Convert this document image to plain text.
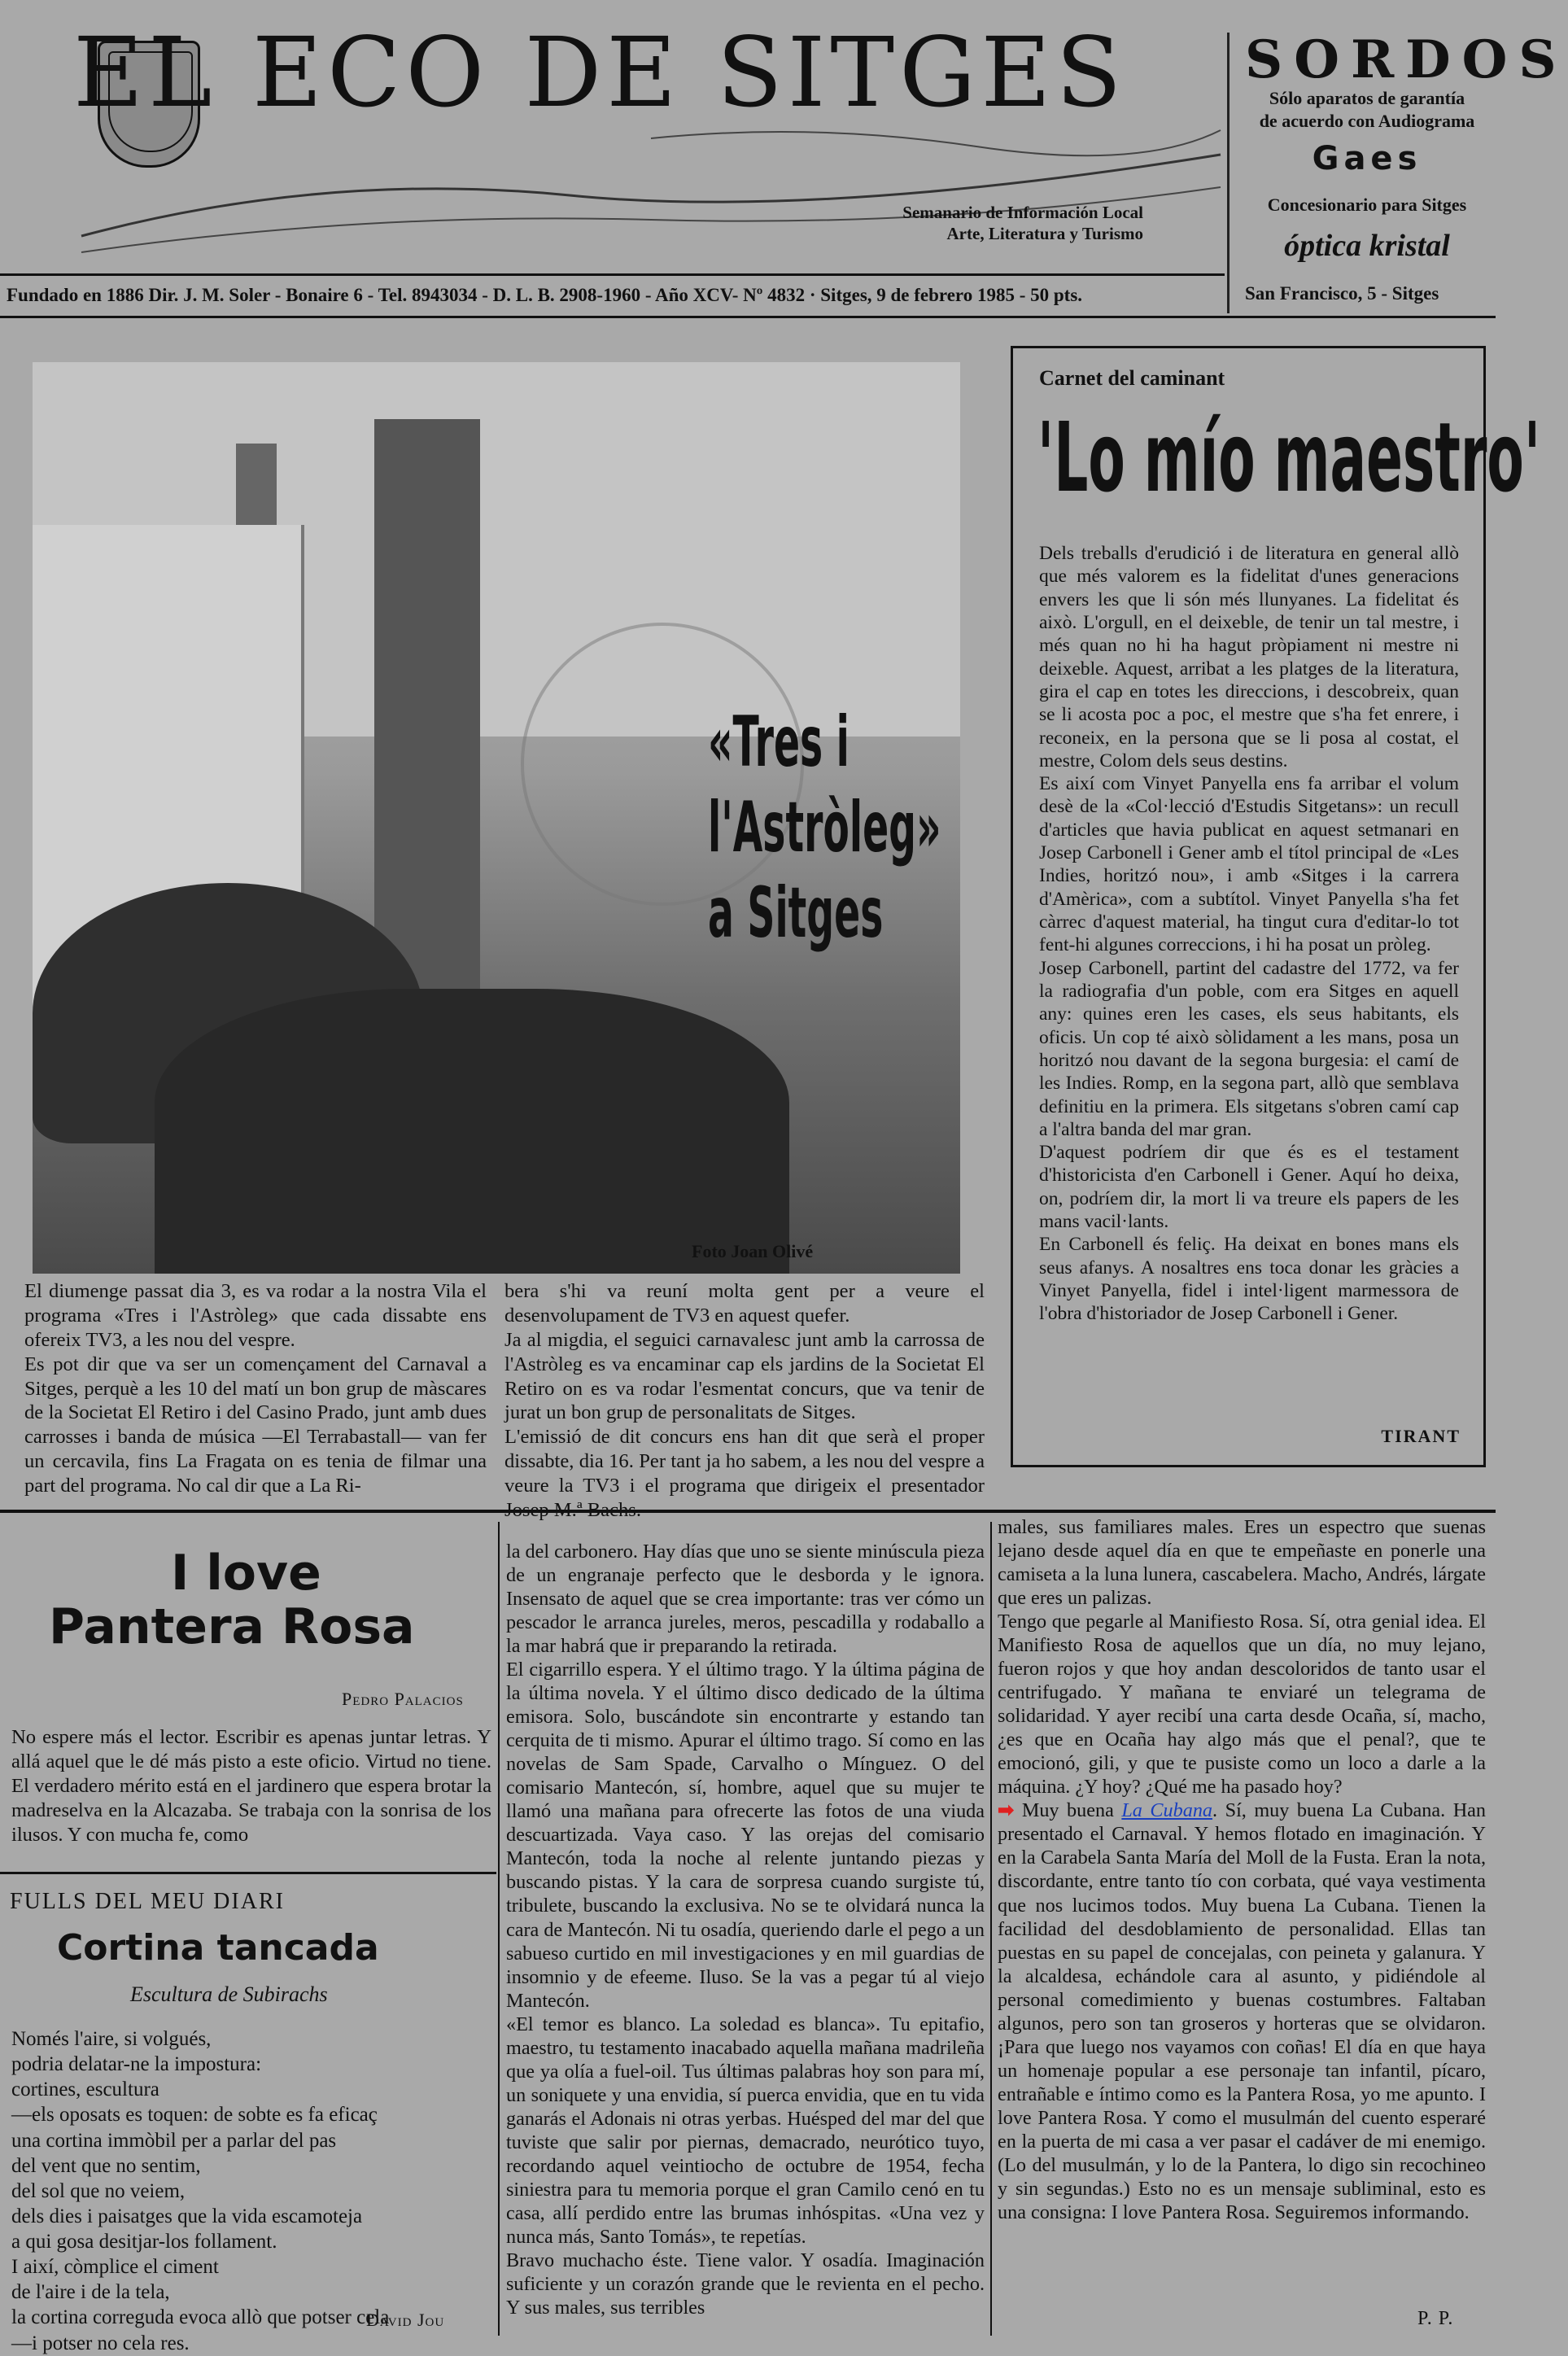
EL ECO DE SITGES
Semanario de Información Local
Arte, Literatura y Turismo
SORDOS
Sólo aparatos de garantía
de acuerdo con Audiograma
Gaes
Concesionario para Sitges
óptica kristal
Fundado en 1886 Dir. J. M. Soler - Bonaire 6 - Tel. 8943034 - D. L. B. 2908-1960 - Año XCV- Nº 4832 · Sitges, 9 de febrero 1985 - 50 pts.	San Francisco, 5 - Sitges
Foto Joan Olivé
«Tres i
l'Astròleg»
a Sitges
El diumenge passat dia 3, es va rodar a la nostra Vila el programa «Tres i l'Astròleg» que cada dissabte ens ofereix TV3, a les nou del vespre.
Es pot dir que va ser un començament del Carnaval a Sitges, perquè a les 10 del matí un bon grup de màscares de la Societat El Retiro i del Casino Prado, junt amb dues carrosses i banda de música —El Terrabastall— van fer un cercavila, fins La Fragata on es tenia de filmar una part del programa. No cal dir que a La Ri-
bera s'hi va reuní molta gent per a veure el desenvolupament de TV3 en aquest quefer.
Ja al migdia, el seguici carnavalesc junt amb la carrossa de l'Astròleg es va encaminar cap els jardins de la Societat El Retiro on es va rodar l'esmentat concurs, que va tenir de jurat un bon grup de personalitats de Sitges.
L'emissió de dit concurs ens han dit que serà el proper dissabte, dia 16. Per tant ja ho sabem, a les nou del vespre a veure la TV3 i el programa que dirigeix el presentador
Carnet del caminant
'Lo mío maestro'
Dels treballs d'erudició i de literatura en general allò que més valorem es la fidelitat d'unes generacions envers les que li són més llunyanes. La fidelitat és això. L'orgull, en el deixeble, de tenir un tal mestre, i més quan no hi ha hagut pròpiament ni mestre ni deixeble. Aquest, arribat a les platges de la literatura, gira el cap en totes les direccions, i descobreix, quan se li acosta poc a poc, el mestre que s'ha fet enrere, i reconeix, en la persona que se li posa al costat, el mestre, Colom dels seus destins.
Es així com Vinyet Panyella ens fa arribar el volum desè de la «Col·lecció d'Estudis Sitgetans»: un recull d'articles que havia publicat en aquest setmanari en Josep Carbonell i Gener amb el títol principal de «Les Indies, horitzó nou», i amb «Sitges i la carrera d'Amèrica», com a subtítol. Vinyet Panyella s'ha fet càrrec d'aquest material, ha tingut cura d'editar-lo tot fent-hi algunes correccions, i hi ha posat un pròleg.
Josep Carbonell, partint del cadastre del 1772, va fer la radiografia d'un poble, com era Sitges en aquell any: quines eren les cases, els seus habitants, els oficis. Un cop té això sòlidament a les mans, posa un horitzó nou davant de la segona burgesia: el camí de les Indies. Romp, en la segona part, allò que semblava definitiu en la primera. Els sitgetans s'obren camí cap a l'altra banda del mar gran.
D'aquest podríem dir que és es el testament d'historicista d'en Carbonell i Gener. Aquí ho deixa, on, podríem dir, la mort li va treure els papers de les mans vacil·lants.
En Carbonell és feliç. Ha deixat en bones mans els seus afanys. A nosaltres ens toca donar les gràcies a Vinyet Panyella, fidel i intel·ligent marmessora de l'obra d'historiador de Josep Carbonell i Gener.
TIRANT
I love
Pantera Rosa
Pedro Palacios
No espere más el lector. Escribir es apenas juntar letras. Y allá aquel que le dé más pisto a este oficio. Virtud no tiene. El verdadero mérito está en el jardinero que espera brotar la madreselva en la Alcazaba. Se trabaja con la sonrisa de los ilusos. Y con mucha fe, como
la del carbonero. Hay días que uno se siente minúscula pieza de un engranaje perfecto que le desborda y le ignora. Insensato de aquel que se crea importante: tras ver cómo un pescador le arranca jureles, meros, pescadilla y rodaballo a la mar habrá que ir preparando la retirada.
El cigarrillo espera. Y el último trago. Y la última página de la última novela. Y el último disco dedicado de la última emisora. Solo, buscándote sin encontrarte y estando tan cerquita de ti mismo. Apurar el último trago. Sí como en las novelas de Sam Spade, Carvalho o Mínguez. O del comisario Mantecón, sí, hombre, aquel que su mujer te llamó una mañana para ofrecerte las fotos de una viuda descuartizada. Vaya caso. Y las orejas del comisario Mantecón, toda la noche al relente juntando piezas y buscando pistas. Y la cara de sorpresa cuando surgiste tú, tribulete, buscando la exclusiva. No se te olvidará nunca la cara de Mantecón. Ni tu osadía, queriendo darle el pego a un sabueso curtido en mil investigaciones y en mil guardias de insomnio y de efeeme. Iluso. Se la vas a pegar tú al viejo Mantecón.
«El temor es blanco. La soledad es blanca». Tu epitafio, maestro, tu testamento inacabado aquella mañana madrileña que ya olía a fuel-oil. Tus últimas palabras hoy son para mí, un soniquete y una envidia, sí puerca envidia, que en tu vida ganarás el Adonais ni otras yerbas. Huésped del mar del que tuviste que salir por piernas, demacrado, neurótico tuyo, recordando aquel veintiocho de octubre de 1954, fecha siniestra para tu memoria porque el gran Camilo cenó en tu casa, allí perdido entre las brumas inhóspitas. «Una vez y nunca más, Santo Tomás», te repetías.
Bravo muchacho éste. Tiene valor. Y osadía. Imaginación suficiente y un corazón grande que le revienta en el pecho. Y sus males, sus terribles
males, sus familiares males. Eres un espectro que suenas lejano desde aquel día en que te empeñaste en ponerle una camiseta a la luna lunera, cascabelera. Macho, Andrés, lárgate que eres un palizas.
Tengo que pegarle al Manifiesto Rosa. Sí, otra genial idea. El Manifiesto Rosa de aquellos que un día, no muy lejano, fueron rojos y que hoy andan descoloridos de tanto usar el centrifugado. Y mañana te enviaré un telegrama de solidaridad. Y ayer recibí una carta desde Ocaña, sí, macho, ¿es que en Ocaña hay algo más que el penal?, que te emocionó, gili, y que te pusiste como un loco a darle a la máquina. ¿Y hoy? ¿Qué me ha pasado hoy?
➡ Muy buena La Cubana. Sí, muy buena La Cubana. Han presentado el Carnaval. Y hemos flotado en imaginación. Y en la Carabela Santa María del Moll de la Fusta. Eran la nota, discordante, entre tanto tío con corbata, qué vaya vestimenta que nos lucimos todos. Muy buena La Cubana. Tienen la facilidad del desdoblamiento de personalidad. Ellas tan puestas en su papel de concejalas, con peineta y galanura. Y la alcaldesa, echándole cara al asunto, y pidiéndole al personal comedimiento y buenas costumbres. Faltaban algunos, pero son tan groseros y horteras que se olvidaron. ¡Para que luego nos vayamos con coñas! El día en que haya un homenaje popular a ese personaje tan infantil, pícaro, entrañable e íntimo como es la Pantera Rosa, yo me apunto. I love Pantera Rosa. Y como el musulmán del cuento esperaré en la puerta de mi casa a ver pasar el cadáver de mi enemigo. (Lo del musulmán, y lo de la Pantera, lo digo sin recochineo y sin segundas.) Esto no es un mensaje subliminal, esto es una consigna: I love Pantera Rosa. Seguiremos informando.
P. P.
FULLS DEL MEU DIARI
Cortina tancada
Escultura de Subirachs
Només l'aire, si volgués,
podria delatar-ne la impostura:
cortines, escultura
—els oposats es toquen: de sobte es fa eficaç
una cortina immòbil per a parlar del pas
del vent que no sentim,
del sol que no veiem,
dels dies i paisatges que la vida escamoteja
a qui gosa desitjar-los follament.
I així, còmplice el ciment
de l'aire i de la tela,
la cortina correguda evoca allò que potser cela
—i potser no cela res.
David Jou
